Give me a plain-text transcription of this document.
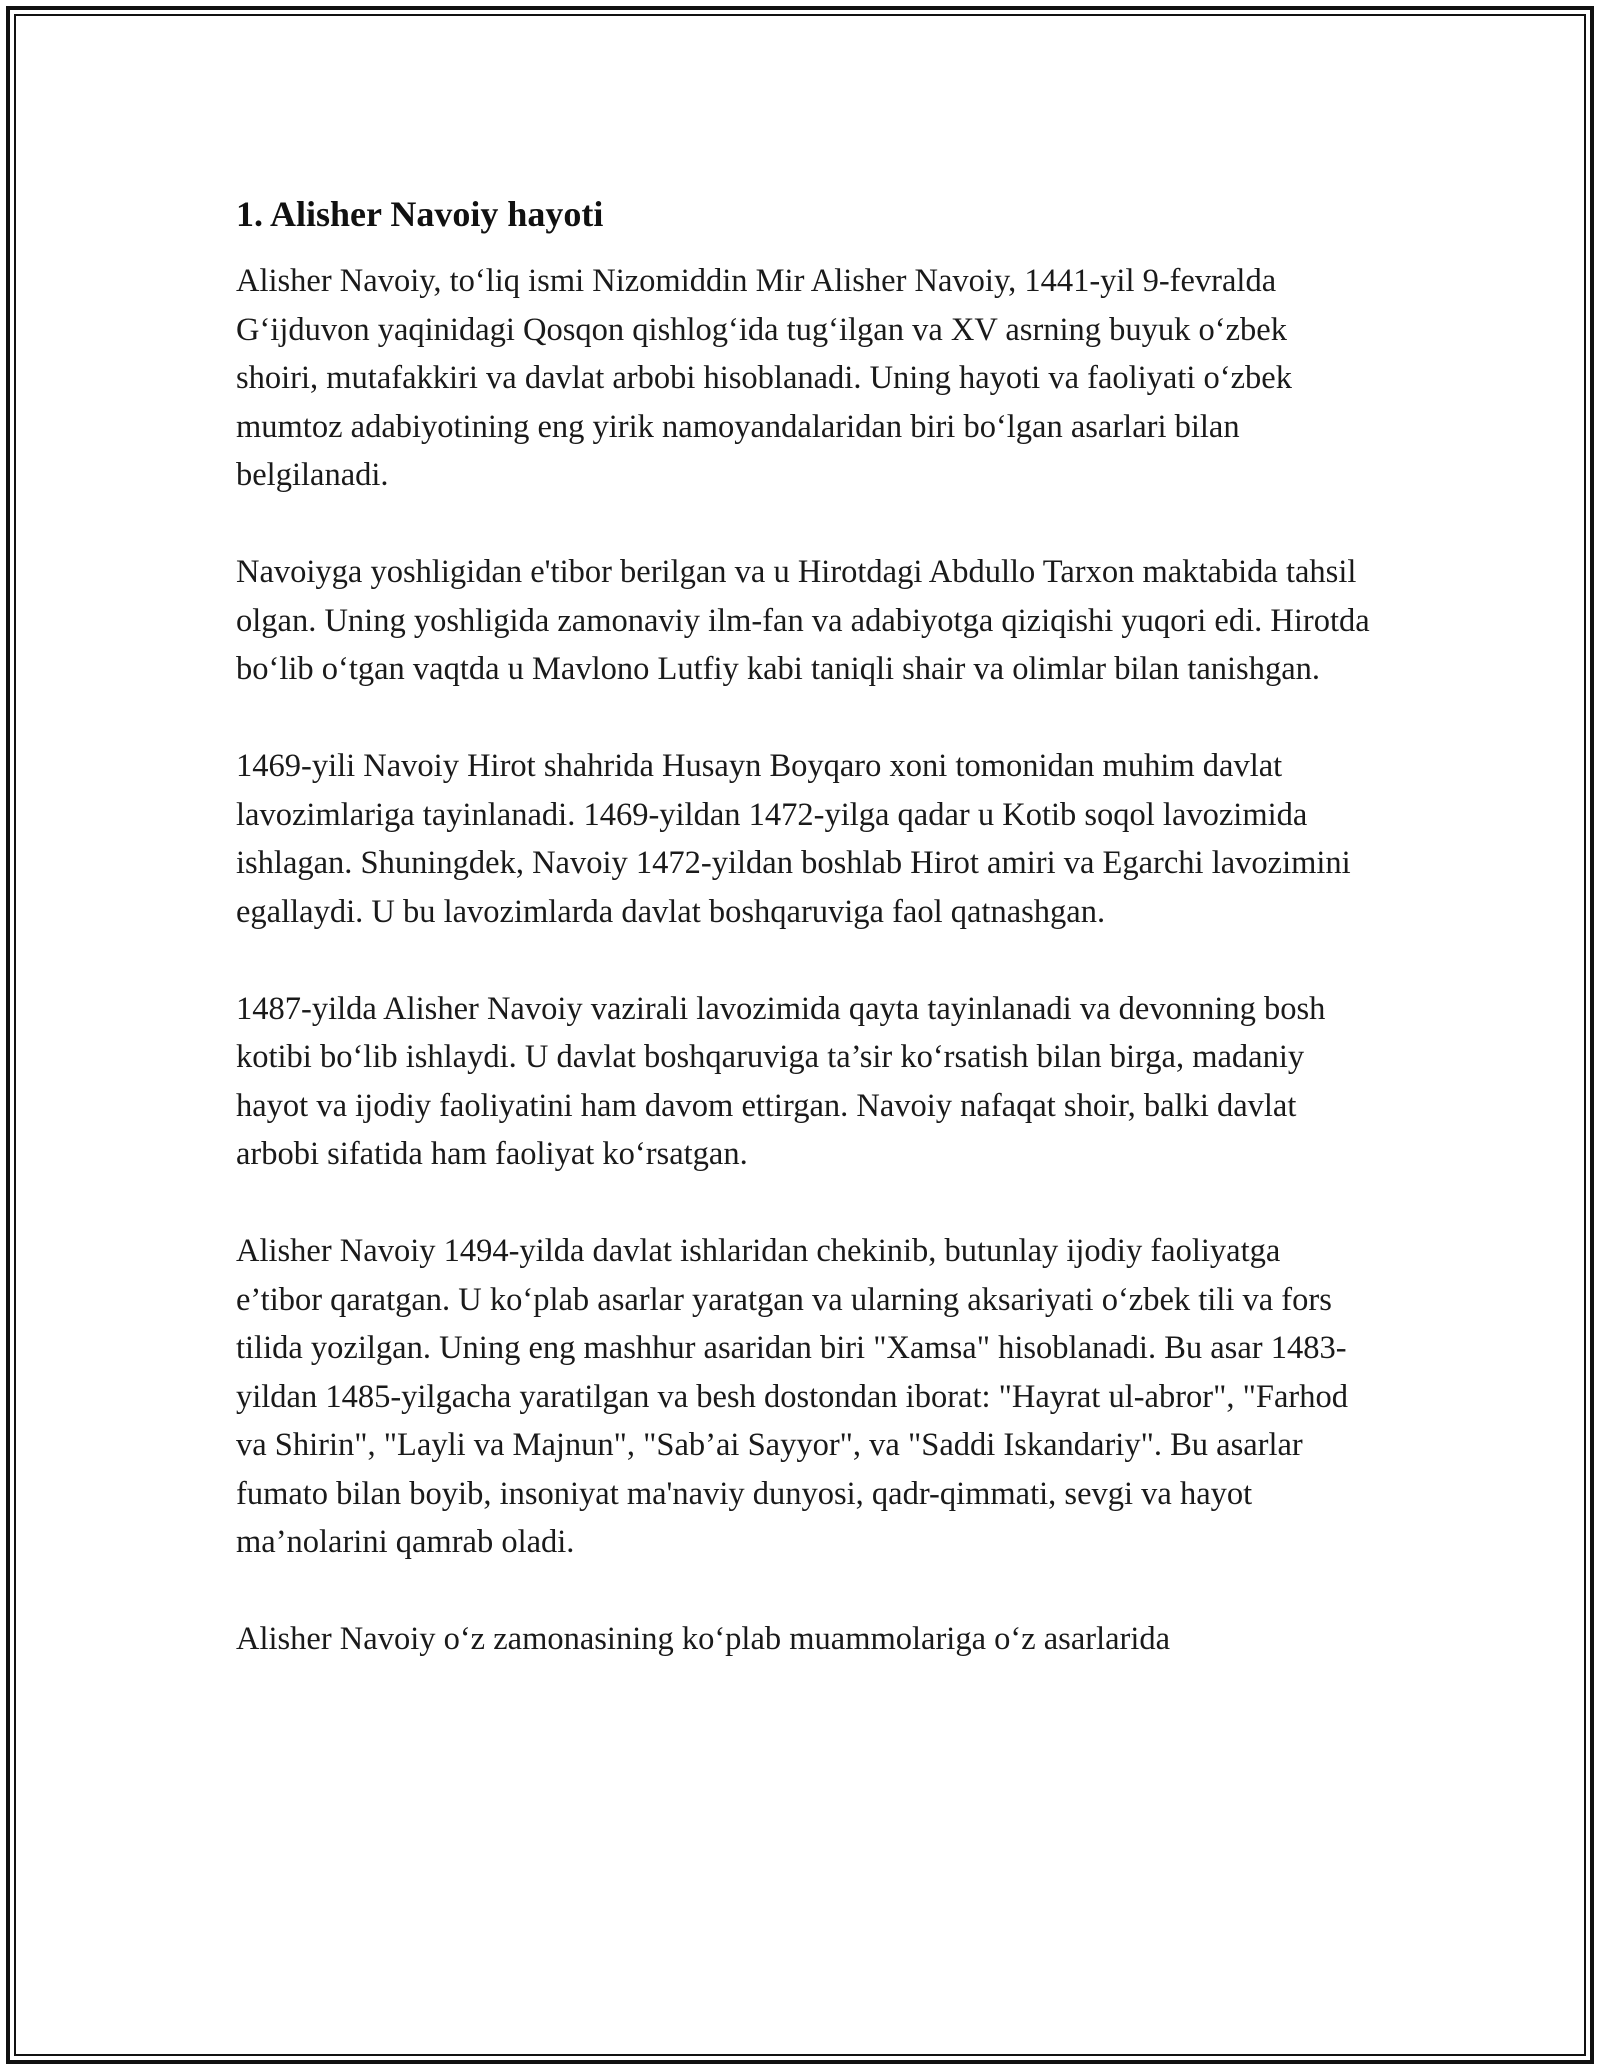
1. Alisher Navoiy hayoti

Alisher Navoiy, to‘liq ismi Nizomiddin Mir Alisher Navoiy, 1441-yil 9-fevralda G‘ijduvon yaqinidagi Qosqon qishlog‘ida tug‘ilgan va XV asrning buyuk o‘zbek shoiri, mutafakkiri va davlat arbobi hisoblanadi. Uning hayoti va faoliyati o‘zbek mumtoz adabiyotining eng yirik namoyandalaridan biri bo‘lgan asarlari bilan belgilanadi.

Navoiyga yoshligidan e'tibor berilgan va u Hirotdagi Abdullo Tarxon maktabida tahsil olgan. Uning yoshligida zamonaviy ilm-fan va adabiyotga qiziqishi yuqori edi. Hirotda bo‘lib o‘tgan vaqtda u Mavlono Lutfiy kabi taniqli shair va olimlar bilan tanishgan.

1469-yili Navoiy Hirot shahrida Husayn Boyqaro xoni tomonidan muhim davlat lavozimlariga tayinlanadi. 1469-yildan 1472-yilga qadar u Kotib soqol lavozimida ishlagan. Shuningdek, Navoiy 1472-yildan boshlab Hirot amiri va Egarchi lavozimini egallaydi. U bu lavozimlarda davlat boshqaruviga faol qatnashgan.

1487-yilda Alisher Navoiy vazirali lavozimida qayta tayinlanadi va devonning bosh kotibi bo‘lib ishlaydi. U davlat boshqaruviga ta’sir ko‘rsatish bilan birga, madaniy hayot va ijodiy faoliyatini ham davom ettirgan. Navoiy nafaqat shoir, balki davlat arbobi sifatida ham faoliyat ko‘rsatgan.

Alisher Navoiy 1494-yilda davlat ishlaridan chekinib, butunlay ijodiy faoliyatga e’tibor qaratgan. U ko‘plab asarlar yaratgan va ularning aksariyati o‘zbek tili va fors tilida yozilgan. Uning eng mashhur asaridan biri "Xamsa" hisoblanadi. Bu asar 1483-yildan 1485-yilgacha yaratilgan va besh dostondan iborat: "Hayrat ul-abror", "Farhod va Shirin", "Layli va Majnun", "Sab’ai Sayyor", va "Saddi Iskandariy". Bu asarlar fumato bilan boyib, insoniyat ma'naviy dunyosi, qadr-qimmati, sevgi va hayot ma’nolarini qamrab oladi.

Alisher Navoiy o‘z zamonasining ko‘plab muammolariga o‘z asarlarida
